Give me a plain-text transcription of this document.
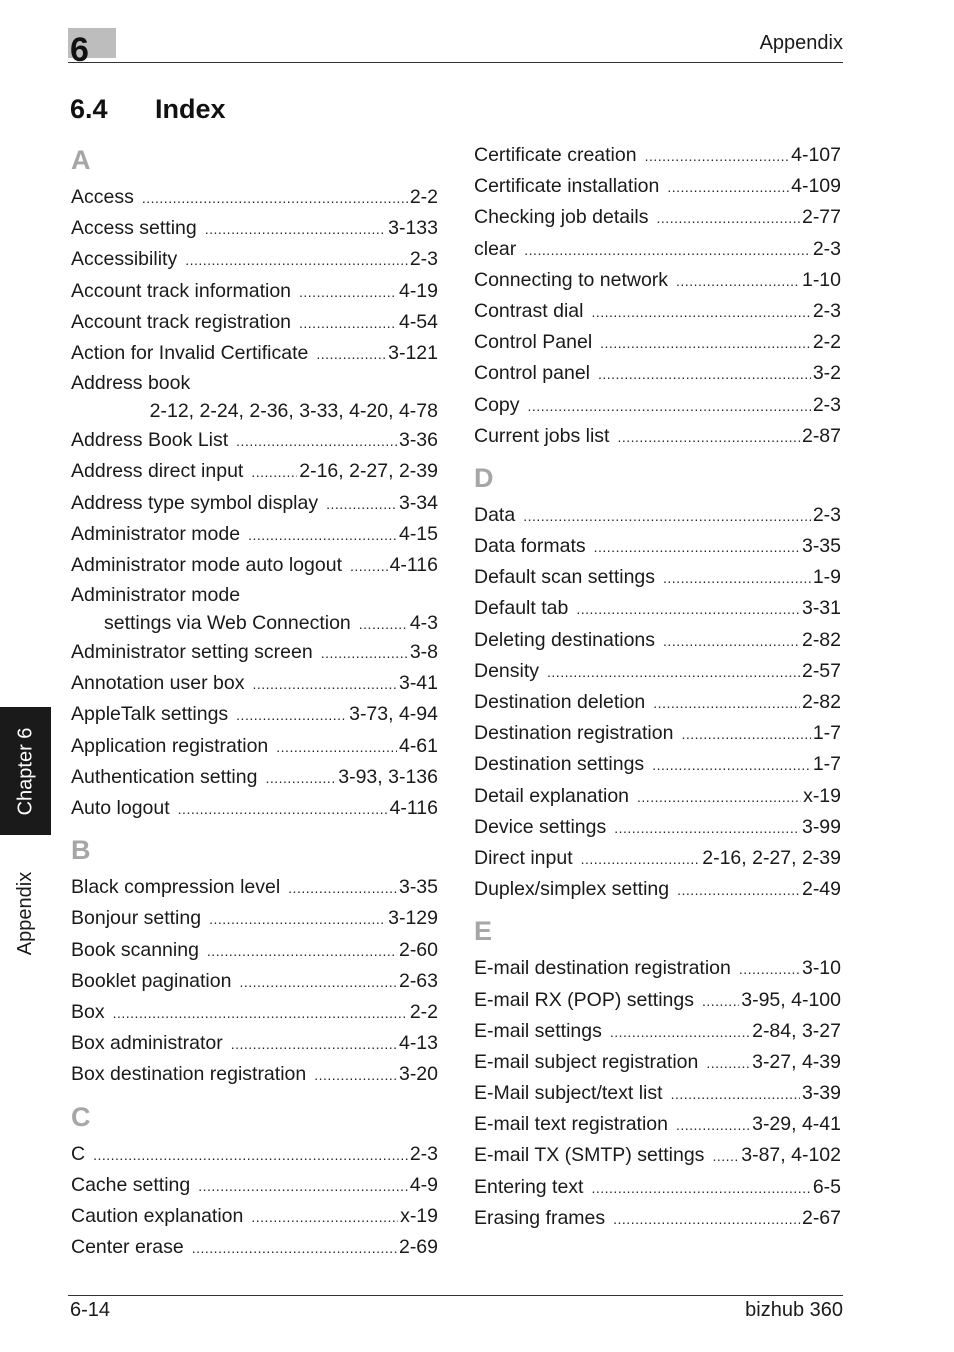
6	Appendix
6.4 Index
A
Access .....	2-2
Access setting .....	3-133
Accessibility .....	2-3
Account track information .....	4-19
Account track registration .....	4-54
Action for Invalid Certificate .....	3-121
Address book
2-12, 2-24, 2-36, 3-33, 4-20, 4-78
Address Book List .....	3-36
Address direct input .....	2-16, 2-27, 2-39
Address type symbol display .....	3-34
Administrator mode .....	4-15
Administrator mode auto logout .....	4-116
Administrator mode
settings via Web Connection .....	4-3
Administrator setting screen .....	3-8
Annotation user box .....	3-41
AppleTalk settings .....	3-73, 4-94
Application registration .....	4-61
Authentication setting .....	3-93, 3-136
Auto logout .....	4-116
B
Black compression level .....	3-35
Bonjour setting .....	3-129
Book scanning .....	2-60
Booklet pagination .....	2-63
Box .....	2-2
Box administrator .....	4-13
Box destination registration .....	3-20
C
C .....	2-3
Cache setting .....	4-9
Caution explanation .....	x-19
Center erase .....	2-69
Certificate creation .....	4-107
Certificate installation .....	4-109
Checking job details .....	2-77
clear .....	2-3
Connecting to network .....	1-10
Contrast dial .....	2-3
Control Panel .....	2-2
Control panel .....	3-2
Copy .....	2-3
Current jobs list .....	2-87
D
Data .....	2-3
Data formats .....	3-35
Default scan settings .....	1-9
Default tab .....	3-31
Deleting destinations .....	2-82
Density .....	2-57
Destination deletion .....	2-82
Destination registration .....	1-7
Destination settings .....	1-7
Detail explanation .....	x-19
Device settings .....	3-99
Direct input .....	2-16, 2-27, 2-39
Duplex/simplex setting .....	2-49
E
E-mail destination registration .....	3-10
E-mail RX (POP) settings .....	3-95, 4-100
E-mail settings .....	2-84, 3-27
E-mail subject registration .....	3-27, 4-39
E-Mail subject/text list .....	3-39
E-mail text registration .....	3-29, 4-41
E-mail TX (SMTP) settings .....	3-87, 4-102
Entering text .....	6-5
Erasing frames .....	2-67
Chapter 6
Appendix
6-14	bizhub 360
